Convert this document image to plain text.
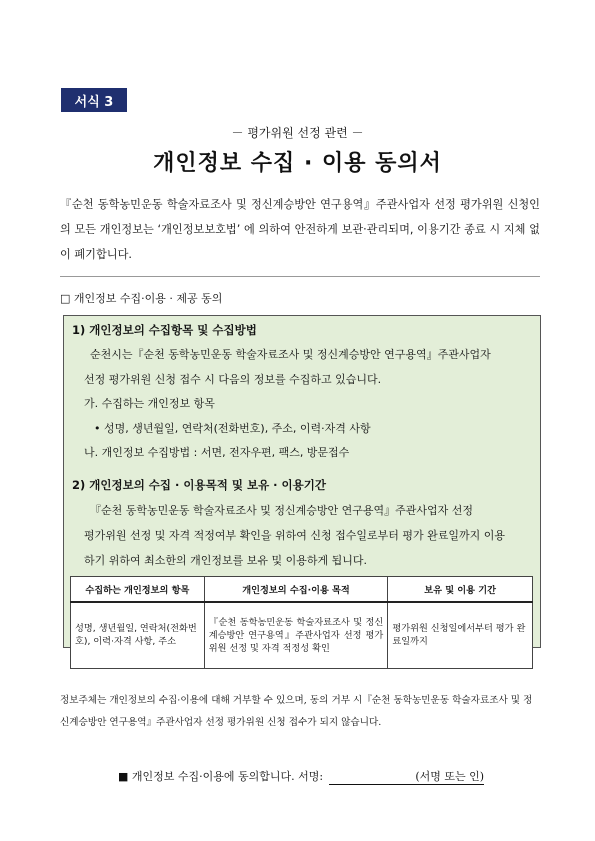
서식 3
－ 평가위원 선정 관련 －
개인정보 수집 · 이용 동의서
『순천 동학농민운동 학술자료조사 및 정신계승방안 연구용역』주관사업자 선정 평가위원 신청인의 모든 개인정보는 ‘개인정보보호법’ 에 의하여 안전하게 보관‧관리되며, 이용기간 종료 시 지체 없이 폐기합니다.
□ 개인정보 수집·이용 · 제공 동의
1) 개인정보의 수집항목 및 수집방법
순천시는『순천 동학농민운동 학술자료조사 및 정신계승방안 연구용역』주관사업자
선정 평가위원 신청 접수 시 다음의 정보를 수집하고 있습니다.
가. 수집하는 개인정보 항목
• 성명, 생년월일, 연락처(전화번호), 주소, 이력·자격 사항
나. 개인정보 수집방법 : 서면, 전자우편, 팩스, 방문접수
2) 개인정보의 수집 · 이용목적 및 보유 · 이용기간
『순천 동학농민운동 학술자료조사 및 정신계승방안 연구용역』주관사업자 선정
평가위원 선정 및 자격 적정여부 확인을 위하여 신청 접수일로부터 평가 완료일까지 이용
하기 위하여 최소한의 개인정보를 보유 및 이용하게 됩니다.
수집하는 개인정보의 항목	개인정보의 수집·이용 목적	보유 및 이용 기간
성명, 생년월일, 연락처(전화번호), 이력·자격 사항, 주소	『순천 동학농민운동 학술자료조사 및 정신계승방안 연구용역』주관사업자 선정 평가위원 선정 및 자격 적정성 확인	평가위원 신청일에서부터 평가 완료일까지
정보주체는 개인정보의 수집·이용에 대해 거부할 수 있으며, 동의 거부 시『순천 동학농민운동 학술자료조사 및 정신계승방안 연구용역』주관사업자 선정 평가위원 신청 접수가 되지 않습니다.
■ 개인정보 수집·이용에 동의합니다. 서명:	(서명 또는 인)
